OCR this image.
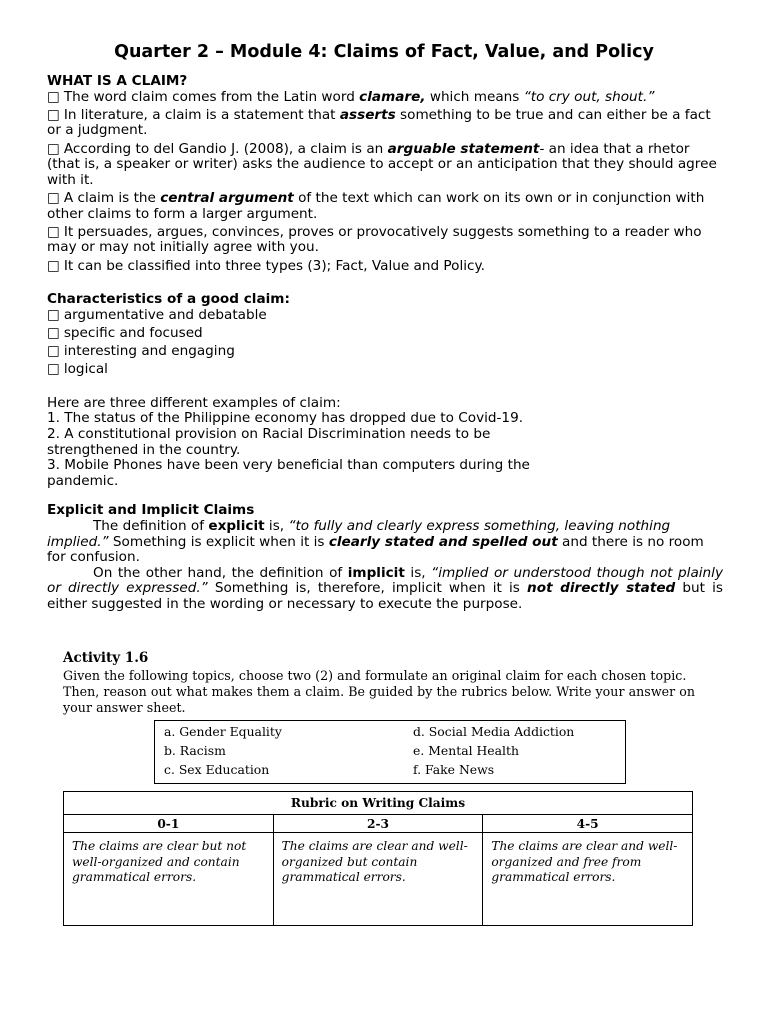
Quarter 2 – Module 4: Claims of Fact, Value, and Policy
WHAT IS A CLAIM?

□ The word claim comes from the Latin word clamare, which means “to cry out, shout.”

□ In literature, a claim is a statement that asserts something to be true and can either be a fact or a judgment.

□ According to del Gandio J. (2008), a claim is an arguable statement- an idea that a rhetor (that is, a speaker or writer) asks the audience to accept or an anticipation that they should agree with it.

□ A claim is the central argument of the text which can work on its own or in conjunction with other claims to form a larger argument.

□ It persuades, argues, convinces, proves or provocatively suggests something to a reader who may or may not initially agree with you.

□ It can be classified into three types (3); Fact, Value and Policy.

Characteristics of a good claim:

□ argumentative and debatable

□ specific and focused

□ interesting and engaging

□ logical

Here are three different examples of claim:

1. The status of the Philippine economy has dropped due to Covid-19.

2. A constitutional provision on Racial Discrimination needs to be strengthened in the country.

3. Mobile Phones have been very beneficial than computers during the pandemic.

Explicit and Implicit Claims

The definition of explicit is, “to fully and clearly express something, leaving nothing implied.” Something is explicit when it is clearly stated and spelled out and there is no room for confusion.

On the other hand, the definition of implicit is, “implied or understood though not plainly or directly expressed.” Something is, therefore, implicit when it is not directly stated but is either suggested in the wording or necessary to execute the purpose.

Activity 1.6
Given the following topics, choose two (2) and formulate an original claim for each chosen topic. Then, reason out what makes them a claim. Be guided by the rubrics below. Write your answer on your answer sheet.
a. Gender Equality
b. Racism
c. Sex Education
d. Social Media Addiction
e. Mental Health
f. Fake News
Rubric on Writing Claims		
0-1	2-3	4-5
The claims are clear but not well-organized and contain grammatical errors.	The claims are clear and well-organized but contain grammatical errors.	The claims are clear and well-organized and free from grammatical errors.
